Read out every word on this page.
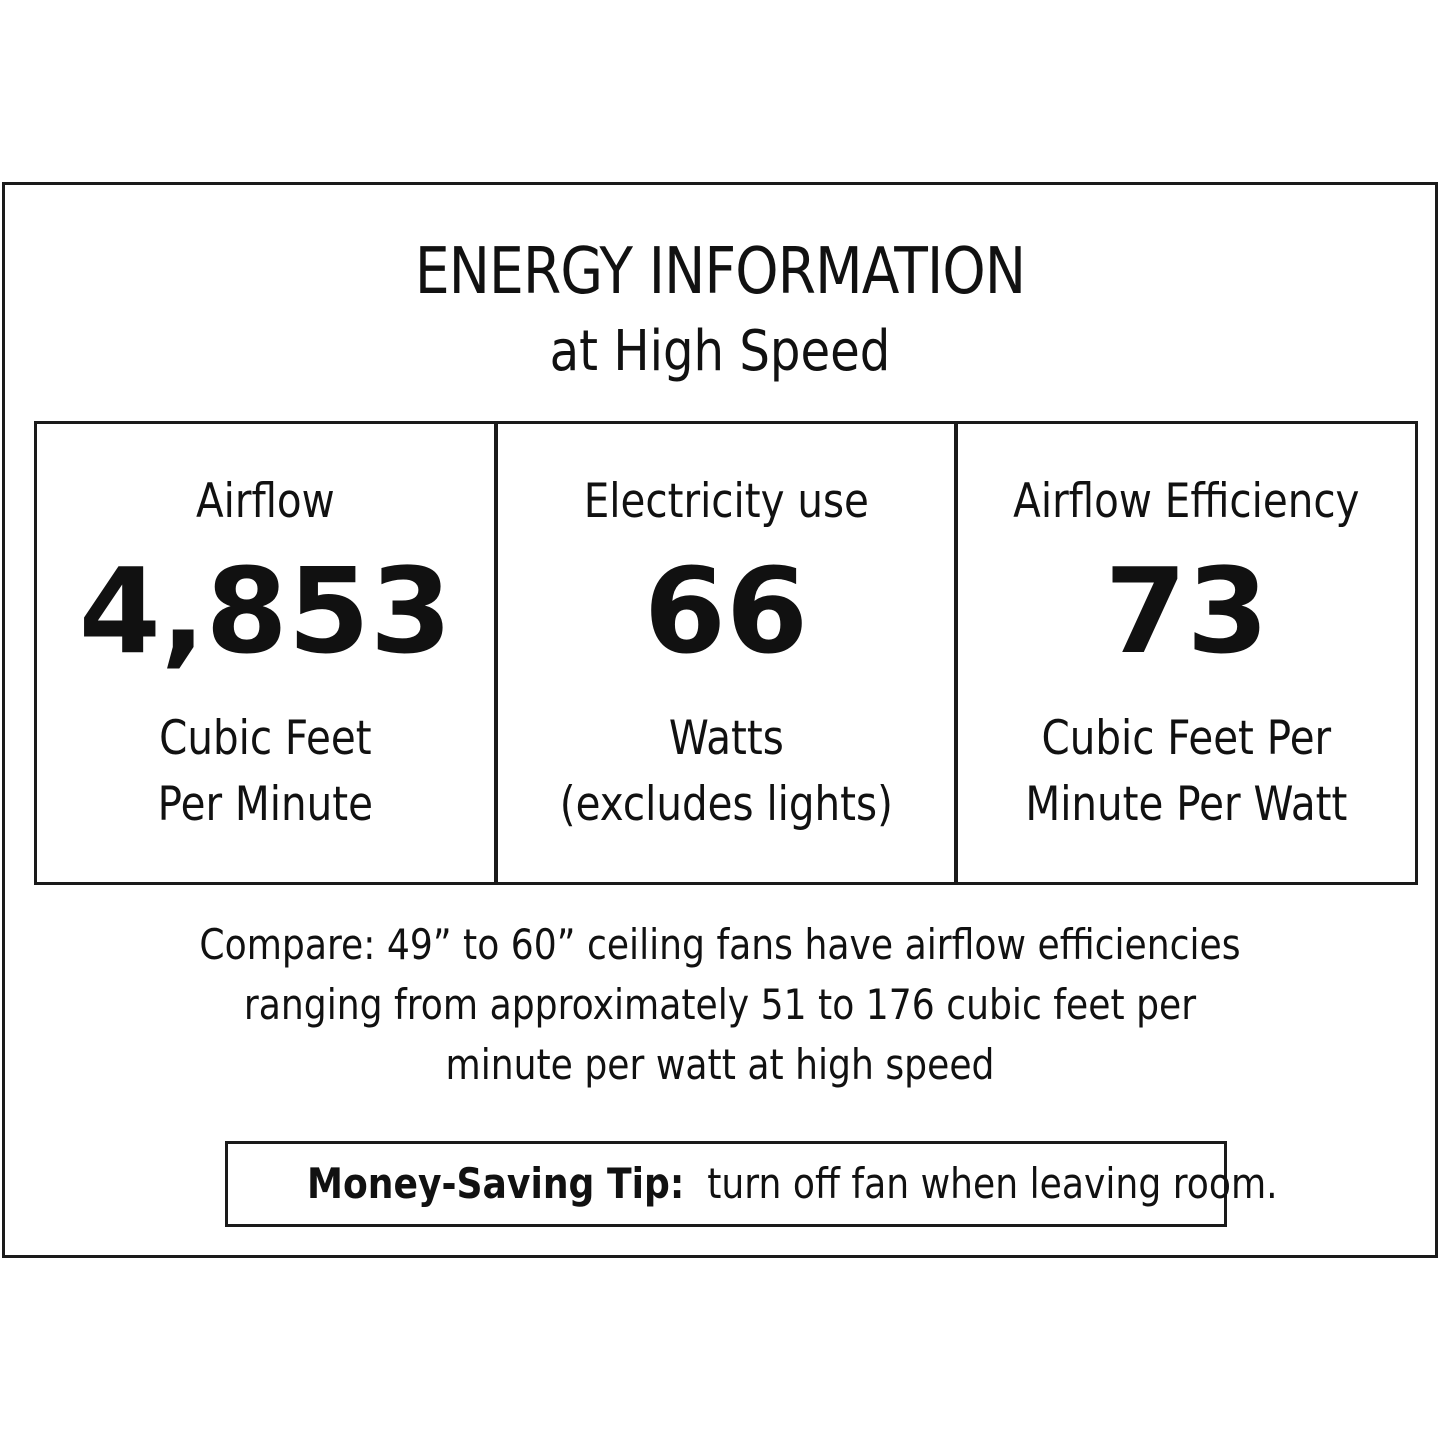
ENERGY INFORMATION
at High Speed
Airflow
4,853
Cubic Feet
Per Minute
Electricity use
66
Watts
(excludes lights)
Airflow Efficiency
73
Cubic Feet Per
Minute Per Watt
Compare: 49” to 60” ceiling fans have airflow efficiencies
ranging from approximately 51 to 176 cubic feet per
minute per watt at high speed
Money-Saving Tip:  turn off fan when leaving room.
